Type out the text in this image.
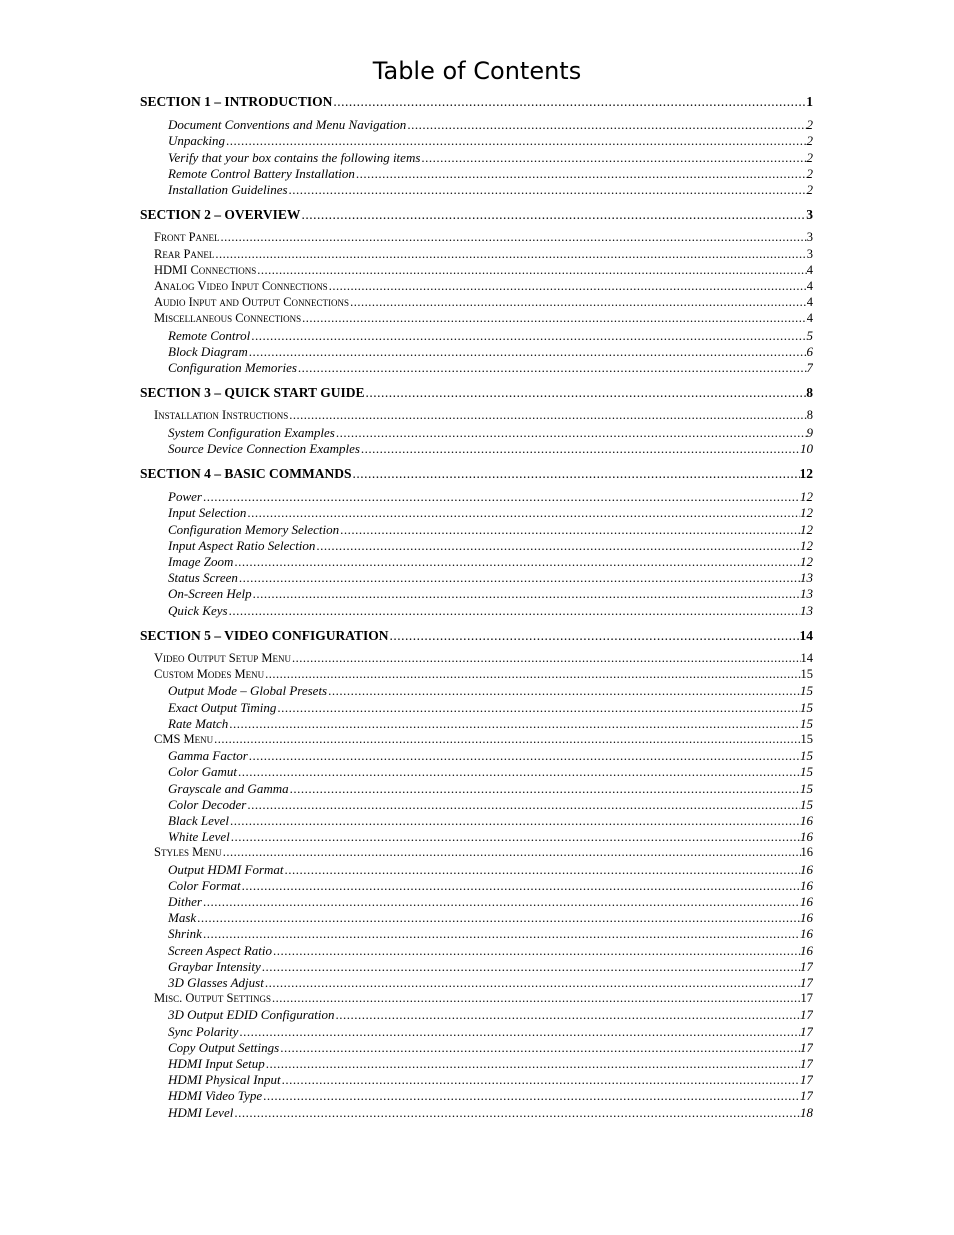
Table of Contents
SECTION 1 – INTRODUCTION .....	1
Document Conventions and Menu Navigation .....	2
Unpacking .....	2
Verify that your box contains the following items .....	2
Remote Control Battery Installation .....	2
Installation Guidelines .....	2
SECTION 2 – OVERVIEW .....	3
Front Panel .....	3
Rear Panel .....	3
HDMI Connections .....	4
Analog Video Input Connections .....	4
Audio Input and Output Connections .....	4
Miscellaneous Connections .....	4
Remote Control .....	5
Block Diagram .....	6
Configuration Memories .....	7
SECTION 3 – QUICK START GUIDE .....	8
Installation Instructions .....	8
System Configuration Examples .....	9
Source Device Connection Examples .....	10
SECTION 4 – BASIC COMMANDS .....	12
Power .....	12
Input Selection .....	12
Configuration Memory Selection .....	12
Input Aspect Ratio Selection .....	12
Image Zoom .....	12
Status Screen .....	13
On-Screen Help .....	13
Quick Keys .....	13
SECTION 5 – VIDEO CONFIGURATION .....	14
Video Output Setup Menu .....	14
Custom Modes Menu .....	15
Output Mode – Global Presets .....	15
Exact Output Timing .....	15
Rate Match .....	15
CMS Menu .....	15
Gamma Factor .....	15
Color Gamut .....	15
Grayscale and Gamma .....	15
Color Decoder .....	15
Black Level .....	16
White Level .....	16
Styles Menu .....	16
Output HDMI Format .....	16
Color Format .....	16
Dither .....	16
Mask .....	16
Shrink .....	16
Screen Aspect Ratio .....	16
Graybar Intensity .....	17
3D Glasses Adjust .....	17
Misc. Output Settings .....	17
3D Output EDID Configuration .....	17
Sync Polarity .....	17
Copy Output Settings .....	17
HDMI Input Setup .....	17
HDMI Physical Input .....	17
HDMI Video Type .....	17
HDMI Level .....	18
